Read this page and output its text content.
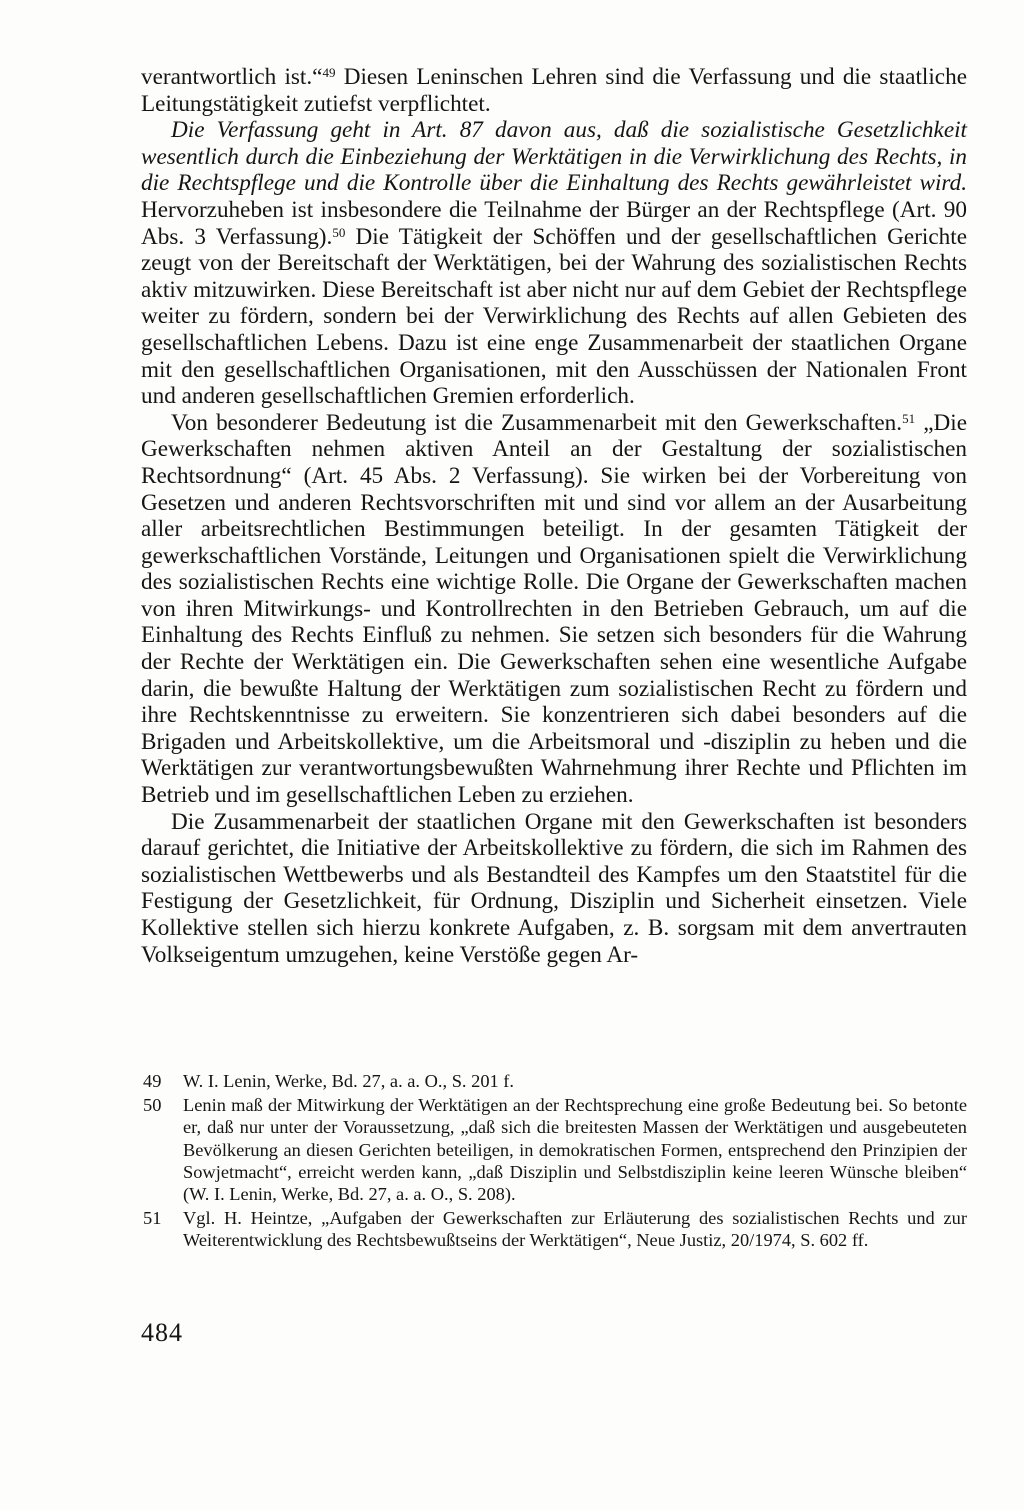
verantwortlich ist.“$^{49}$ Diesen Leninschen Lehren sind die Verfassung und die staatliche Leitungstätigkeit zutiefst verpflichtet.

Die Verfassung geht in Art. 87 davon aus, daß die sozialistische Gesetzlichkeit wesentlich durch die Einbeziehung der Werktätigen in die Verwirklichung des Rechts, in die Rechtspflege und die Kontrolle über die Einhaltung des Rechts gewährleistet wird. Hervorzuheben ist insbesondere die Teilnahme der Bürger an der Rechtspflege (Art. 90 Abs. 3 Verfassung).$^{50}$ Die Tätigkeit der Schöffen und der gesellschaftlichen Gerichte zeugt von der Bereitschaft der Werktätigen, bei der Wahrung des sozialistischen Rechts aktiv mitzuwirken. Diese Bereitschaft ist aber nicht nur auf dem Gebiet der Rechtspflege weiter zu fördern, sondern bei der Verwirklichung des Rechts auf allen Gebieten des gesellschaftlichen Lebens. Dazu ist eine enge Zusammenarbeit der staatlichen Organe mit den gesellschaftlichen Organisationen, mit den Ausschüssen der Nationalen Front und anderen gesellschaftlichen Gremien erforderlich.

Von besonderer Bedeutung ist die Zusammenarbeit mit den Gewerkschaften.$^{51}$ „Die Gewerkschaften nehmen aktiven Anteil an der Gestaltung der sozialistischen Rechtsordnung“ (Art. 45 Abs. 2 Verfassung). Sie wirken bei der Vorbereitung von Gesetzen und anderen Rechtsvorschriften mit und sind vor allem an der Ausarbeitung aller arbeitsrechtlichen Bestimmungen beteiligt. In der gesamten Tätigkeit der gewerkschaftlichen Vorstände, Leitungen und Organisationen spielt die Verwirklichung des sozialistischen Rechts eine wichtige Rolle. Die Organe der Gewerkschaften machen von ihren Mitwirkungs- und Kontrollrechten in den Betrieben Gebrauch, um auf die Einhaltung des Rechts Einfluß zu nehmen. Sie setzen sich besonders für die Wahrung der Rechte der Werktätigen ein. Die Gewerkschaften sehen eine wesentliche Aufgabe darin, die bewußte Haltung der Werktätigen zum sozialistischen Recht zu fördern und ihre Rechtskenntnisse zu erweitern. Sie konzentrieren sich dabei besonders auf die Brigaden und Arbeitskollektive, um die Arbeitsmoral und -disziplin zu heben und die Werktätigen zur verantwortungsbewußten Wahrnehmung ihrer Rechte und Pflichten im Betrieb und im gesellschaftlichen Leben zu erziehen.

Die Zusammenarbeit der staatlichen Organe mit den Gewerkschaften ist besonders darauf gerichtet, die Initiative der Arbeitskollektive zu fördern, die sich im Rahmen des sozialistischen Wettbewerbs und als Bestandteil des Kampfes um den Staatstitel für die Festigung der Gesetzlichkeit, für Ordnung, Disziplin und Sicherheit einsetzen. Viele Kollektive stellen sich hierzu konkrete Aufgaben, z. B. sorgsam mit dem anvertrauten Volkseigentum umzugehen, keine Verstöße gegen Ar-

49 W. I. Lenin, Werke, Bd. 27, a. a. O., S. 201 f.
50 Lenin maß der Mitwirkung der Werktätigen an der Rechtsprechung eine große Bedeutung bei. So betonte er, daß nur unter der Voraussetzung, „daß sich die breitesten Massen der Werktätigen und ausgebeuteten Bevölkerung an diesen Gerichten beteiligen, in demokratischen Formen, entsprechend den Prinzipien der Sowjetmacht“, erreicht werden kann, „daß Disziplin und Selbstdisziplin keine leeren Wünsche bleiben“ (W. I. Lenin, Werke, Bd. 27, a. a. O., S. 208).
51 Vgl. H. Heintze, „Aufgaben der Gewerkschaften zur Erläuterung des sozialistischen Rechts und zur Weiterentwicklung des Rechtsbewußtseins der Werktätigen“, Neue Justiz, 20/1974, S. 602 ff.
484
